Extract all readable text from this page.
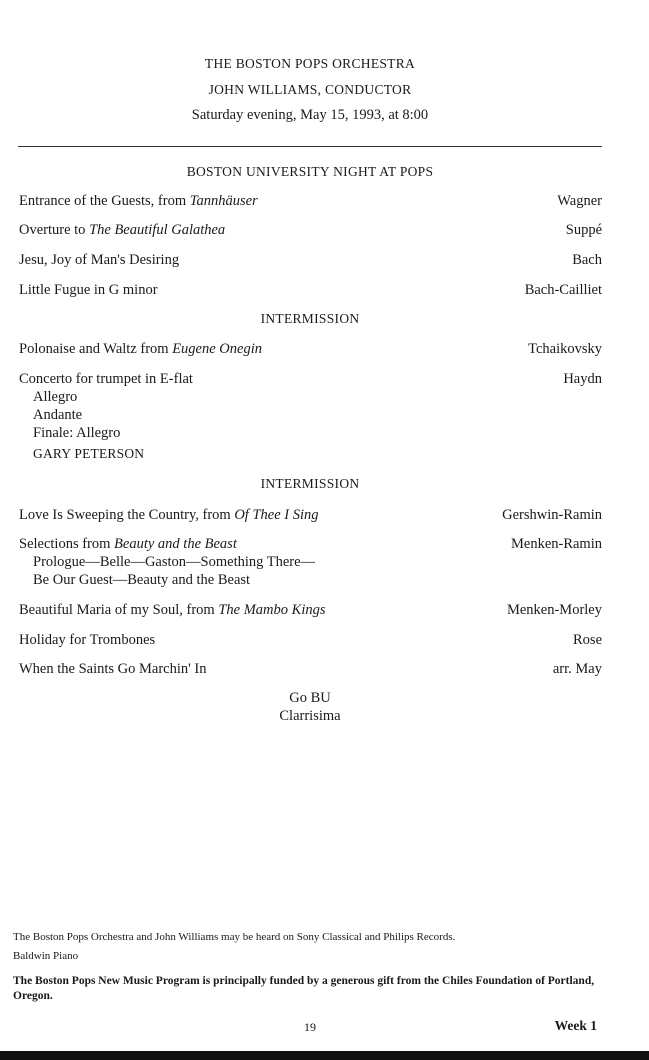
THE BOSTON POPS ORCHESTRA
JOHN WILLIAMS, CONDUCTOR
Saturday evening, May 15, 1993, at 8:00
BOSTON UNIVERSITY NIGHT AT POPS
Entrance of the Guests, from Tannhäuser	Wagner
Overture to The Beautiful Galathea	Suppé
Jesu, Joy of Man's Desiring	Bach
Little Fugue in G minor	Bach-Cailliet
INTERMISSION
Polonaise and Waltz from Eugene Onegin	Tchaikovsky
Concerto for trumpet in E-flat	Haydn
Allegro
Andante
Finale: Allegro
GARY PETERSON
INTERMISSION
Love Is Sweeping the Country, from Of Thee I Sing	Gershwin-Ramin
Selections from Beauty and the Beast	Menken-Ramin
Prologue—Belle—Gaston—Something There—
Be Our Guest—Beauty and the Beast
Beautiful Maria of my Soul, from The Mambo Kings	Menken-Morley
Holiday for Trombones	Rose
When the Saints Go Marchin' In	arr. May
Go BU
Clarrisima
The Boston Pops Orchestra and John Williams may be heard on Sony Classical and Philips Records.
Baldwin Piano
The Boston Pops New Music Program is principally funded by a generous gift from the Chiles Foundation of Portland, Oregon.
19	Week 1
